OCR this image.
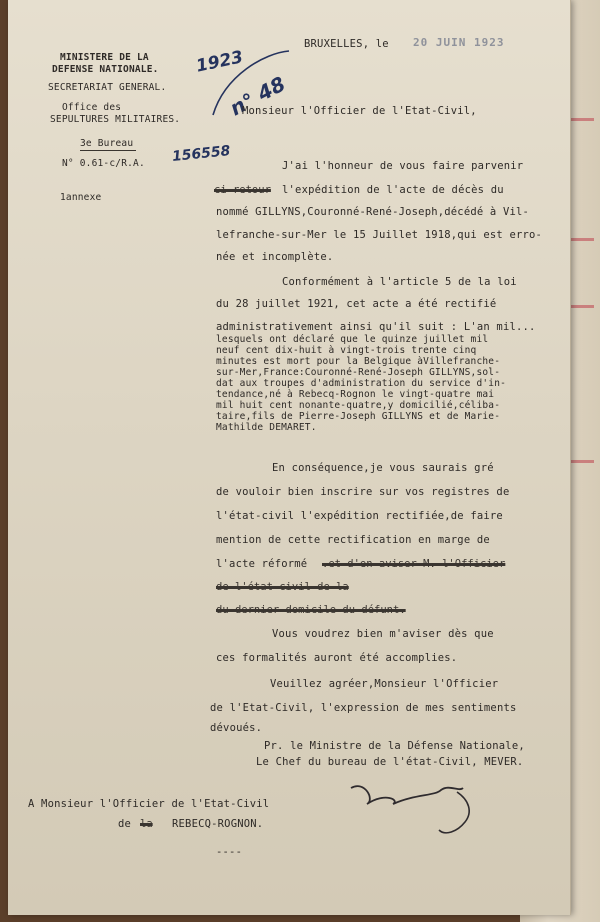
MINISTERE DE LA
DEFENSE NATIONALE.
SECRETARIAT GENERAL.
Office des
SEPULTURES MILITAIRES.
3e Bureau
N° 0.61-c/R.A.
1annexe
BRUXELLES, le 20 JUIN 1923
1923
n° 48
156558
Monsieur l'Officier de l'Etat-Civil,
J'ai l'honneur de vous faire parvenir
ci-retour l'expédition de l'acte de décès du
nommé GILLYNS,Couronné-René-Joseph,décédé à Vil-
lefranche-sur-Mer le 15 Juillet 1918,qui est erro-
née et incomplète.
Conformément à l'article 5 de la loi
du 28 juillet 1921, cet acte a été rectifié
administrativement ainsi qu'il suit : L'an mil...
lesquels ont déclaré que le quinze juillet mil
neuf cent dix-huit à vingt-trois trente cinq
minutes est mort pour la Belgique àVillefranche-
sur-Mer,France:Couronné-René-Joseph GILLYNS,sol-
dat aux troupes d'administration du service d'in-
tendance,né à Rebecq-Rognon le vingt-quatre mai
mil huit cent nonante-quatre,y domicilié,céliba-
taire,fils de Pierre-Joseph GILLYNS et de Marie-
Mathilde DEMARET.
En conséquence,je vous saurais gré
de vouloir bien inscrire sur vos registres de
l'état-civil l'expédition rectifiée,de faire
mention de cette rectification en marge de
l'acte réformé .et d'en aviser M. l'Officier
de l'état-civil de la
du dernier domicile du défunt.
Vous voudrez bien m'aviser dès que
ces formalités auront été accomplies.
Veuillez agréer,Monsieur l'Officier
de l'Etat-Civil, l'expression de mes sentiments
dévoués.
Pr. le Ministre de la Défense Nationale,
Le Chef du bureau de l'état-Civil, MEVER.
A Monsieur l'Officier de l'Etat-Civil
de la REBECQ-ROGNON.
----
